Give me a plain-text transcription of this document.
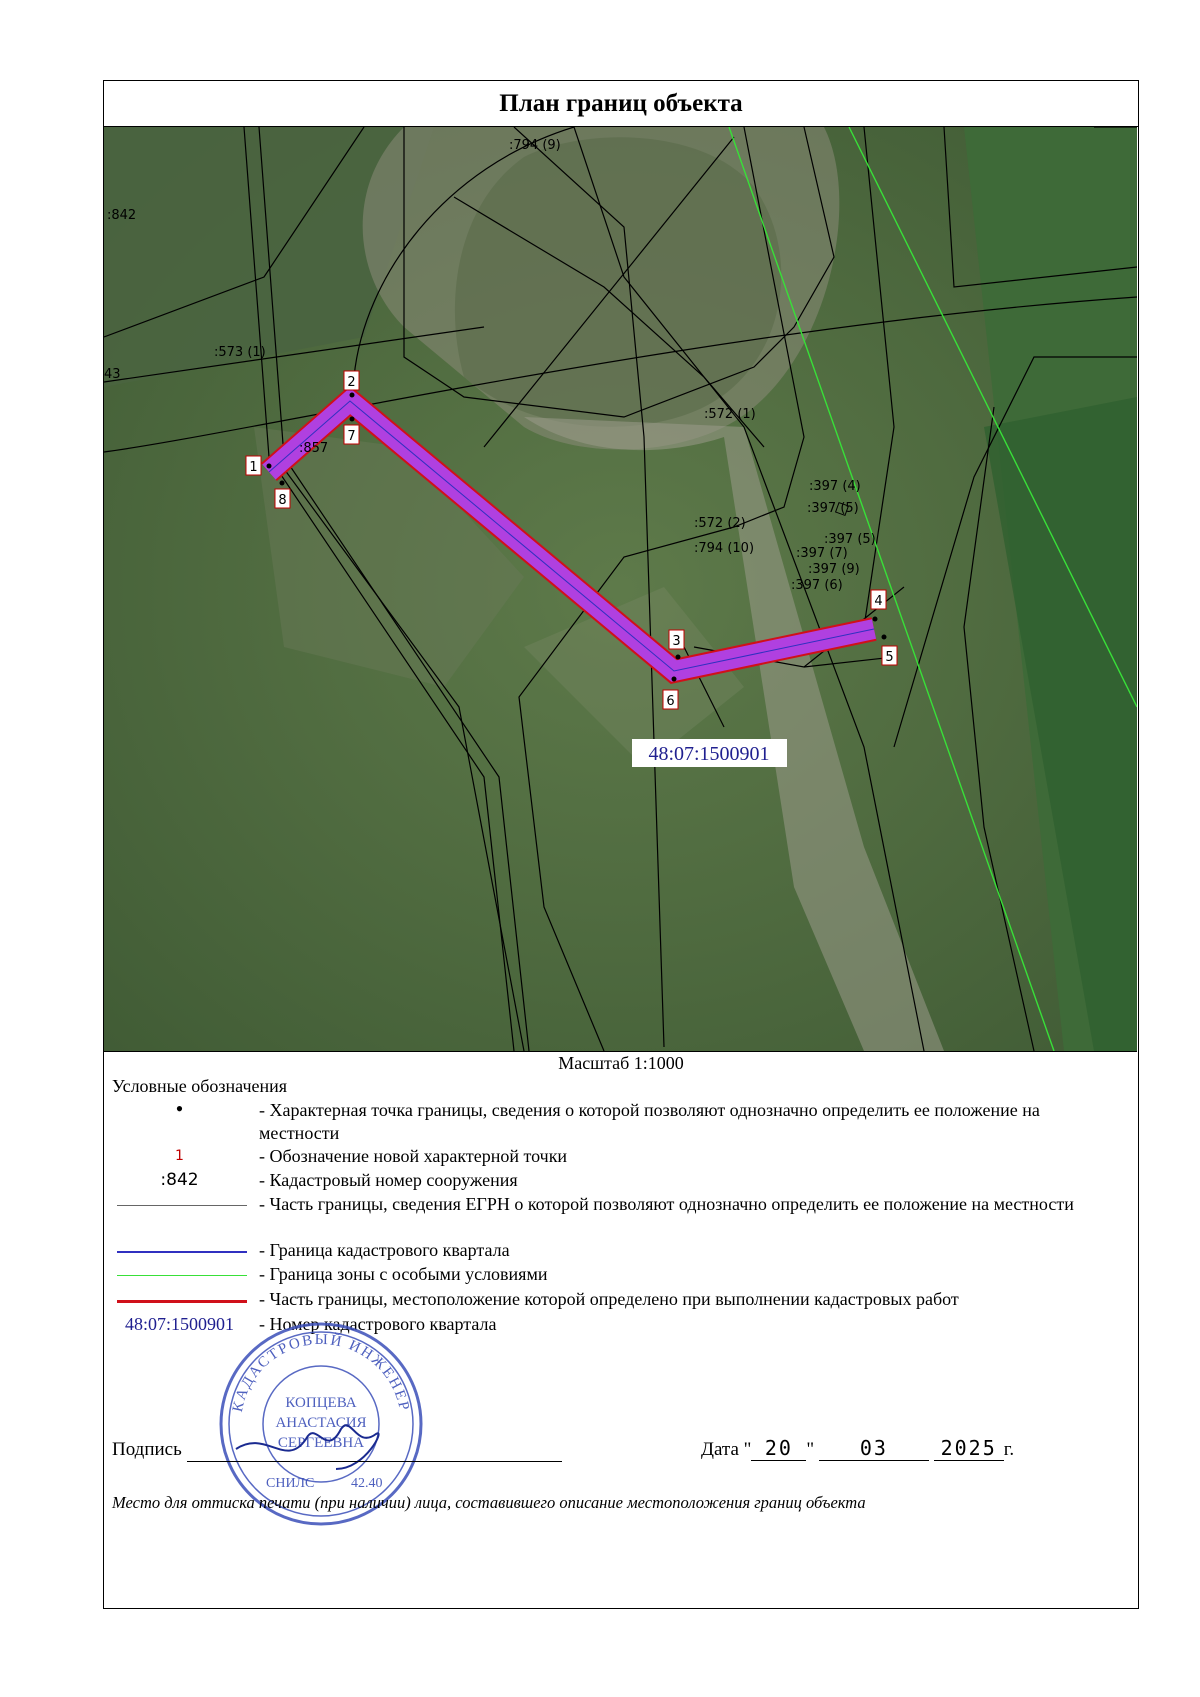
План границ объекта
1
2
3
4
5
6
7
8
:842
:794 (9)
:573 (1)
43
:857
:572 (1)
:397 (4)
:397 (5)
:572 (2)
:794 (10)
:397 (5)
:397 (7)
:397 (9)
:397 (6)
48:07:1500901
Масштаб 1:1000
Условные обозначения
•	- Характерная точка границы, сведения о которой позволяют однозначно определить ее положение на местности
1	- Обозначение новой характерной точки
:842	- Кадастровый номер сооружения
- Часть границы, сведения ЕГРН о которой позволяют однозначно определить ее положение на местности
- Граница кадастрового квартала
- Граница зоны с особыми условиями
- Часть границы, местоположение которой определено при выполнении кадастровых работ
48:07:1500901	- Номер кадастрового квартала
КАДАСТРОВЫЙ ИНЖЕНЕР
КОПЦЕВА
АНАСТАСИЯ
СЕРГЕЕВНА
СНИЛС	42.40
Подпись	Дата " 20 " 03	2025 г.
Место для оттиска печати (при наличии) лица, составившего описание местоположения границ объекта
